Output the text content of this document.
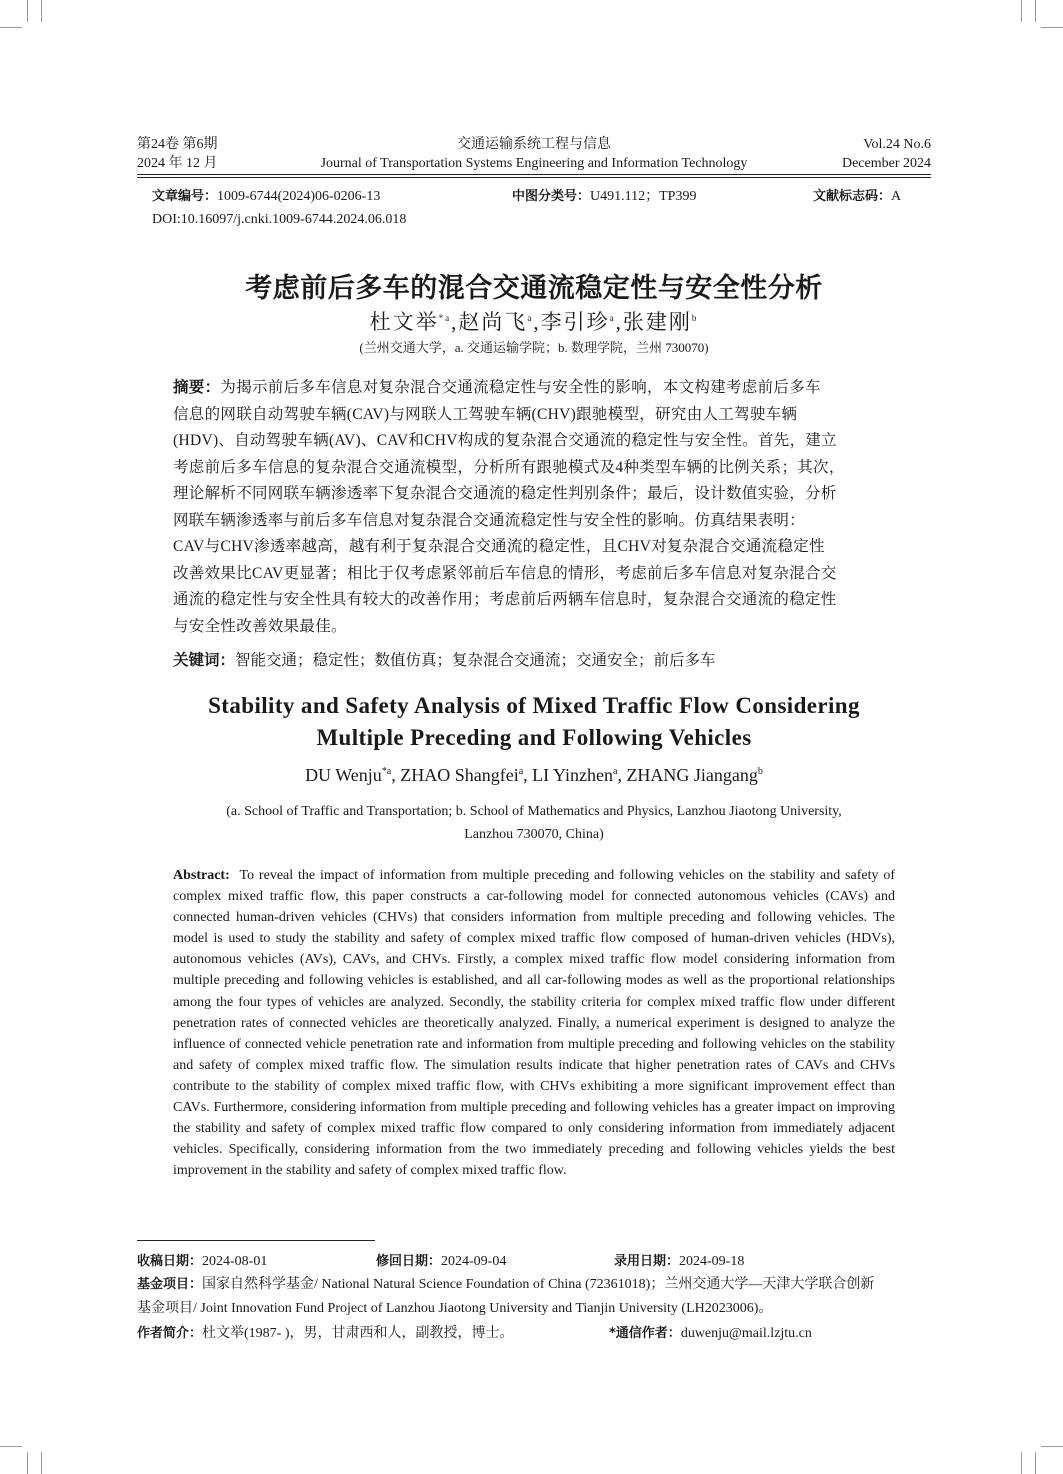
第24卷 第6期
2024 年 12 月
交通运输系统工程与信息
Journal of Transportation Systems Engineering and Information Technology
Vol.24 No.6
December 2024
文章编号：1009-6744(2024)06-0206-13	中图分类号：U491.112；TP399	文献标志码：A
DOI:10.16097/j.cnki.1009-6744.2024.06.018
考虑前后多车的混合交通流稳定性与安全性分析
杜文举$^{*a}$,赵尚飞$^a$,李引珍$^a$,张建刚$^b$
(兰州交通大学，a. 交通运输学院；b. 数理学院，兰州 730070)
摘要：为揭示前后多车信息对复杂混合交通流稳定性与安全性的影响，本文构建考虑前后多车
信息的网联自动驾驶车辆(CAV)与网联人工驾驶车辆(CHV)跟驰模型，研究由人工驾驶车辆
(HDV)、自动驾驶车辆(AV)、CAV和CHV构成的复杂混合交通流的稳定性与安全性。首先，建立
考虑前后多车信息的复杂混合交通流模型，分析所有跟驰模式及4种类型车辆的比例关系；其次，
理论解析不同网联车辆渗透率下复杂混合交通流的稳定性判别条件；最后，设计数值实验，分析
网联车辆渗透率与前后多车信息对复杂混合交通流稳定性与安全性的影响。仿真结果表明：
CAV与CHV渗透率越高，越有利于复杂混合交通流的稳定性，且CHV对复杂混合交通流稳定性
改善效果比CAV更显著；相比于仅考虑紧邻前后车信息的情形，考虑前后多车信息对复杂混合交
通流的稳定性与安全性具有较大的改善作用；考虑前后两辆车信息时，复杂混合交通流的稳定性
与安全性改善效果最佳。
关键词：智能交通；稳定性；数值仿真；复杂混合交通流；交通安全；前后多车
Stability and Safety Analysis of Mixed Traffic Flow Considering
Multiple Preceding and Following Vehicles
DU Wenju$^{*a}$, ZHAO Shangfei$^a$, LI Yinzhen$^a$, ZHANG Jiangang$^b$
(a. School of Traffic and Transportation; b. School of Mathematics and Physics, Lanzhou Jiaotong University,
Lanzhou 730070, China)
Abstract: To reveal the impact of information from multiple preceding and following vehicles on the stability and safety of complex mixed traffic flow, this paper constructs a car-following model for connected autonomous vehicles (CAVs) and connected human-driven vehicles (CHVs) that considers information from multiple preceding and following vehicles. The model is used to study the stability and safety of complex mixed traffic flow composed of human-driven vehicles (HDVs), autonomous vehicles (AVs), CAVs, and CHVs. Firstly, a complex mixed traffic flow model considering information from multiple preceding and following vehicles is established, and all car-following modes as well as the proportional relationships among the four types of vehicles are analyzed. Secondly, the stability criteria for complex mixed traffic flow under different penetration rates of connected vehicles are theoretically analyzed. Finally, a numerical experiment is designed to analyze the influence of connected vehicle penetration rate and information from multiple preceding and following vehicles on the stability and safety of complex mixed traffic flow. The simulation results indicate that higher penetration rates of CAVs and CHVs contribute to the stability of complex mixed traffic flow, with CHVs exhibiting a more significant improvement effect than CAVs. Furthermore, considering information from multiple preceding and following vehicles has a greater impact on improving the stability and safety of complex mixed traffic flow compared to only considering information from immediately adjacent vehicles. Specifically, considering information from the two immediately preceding and following vehicles yields the best improvement in the stability and safety of complex mixed traffic flow.
收稿日期：2024-08-01	修回日期：2024-09-04	录用日期：2024-09-18
基金项目：国家自然科学基金/ National Natural Science Foundation of China (72361018)；兰州交通大学—天津大学联合创新
基金项目/ Joint Innovation Fund Project of Lanzhou Jiaotong University and Tianjin University (LH2023006)。
作者简介：杜文举(1987- )，男，甘肃西和人，副教授，博士。	*通信作者：duwenju@mail.lzjtu.cn
